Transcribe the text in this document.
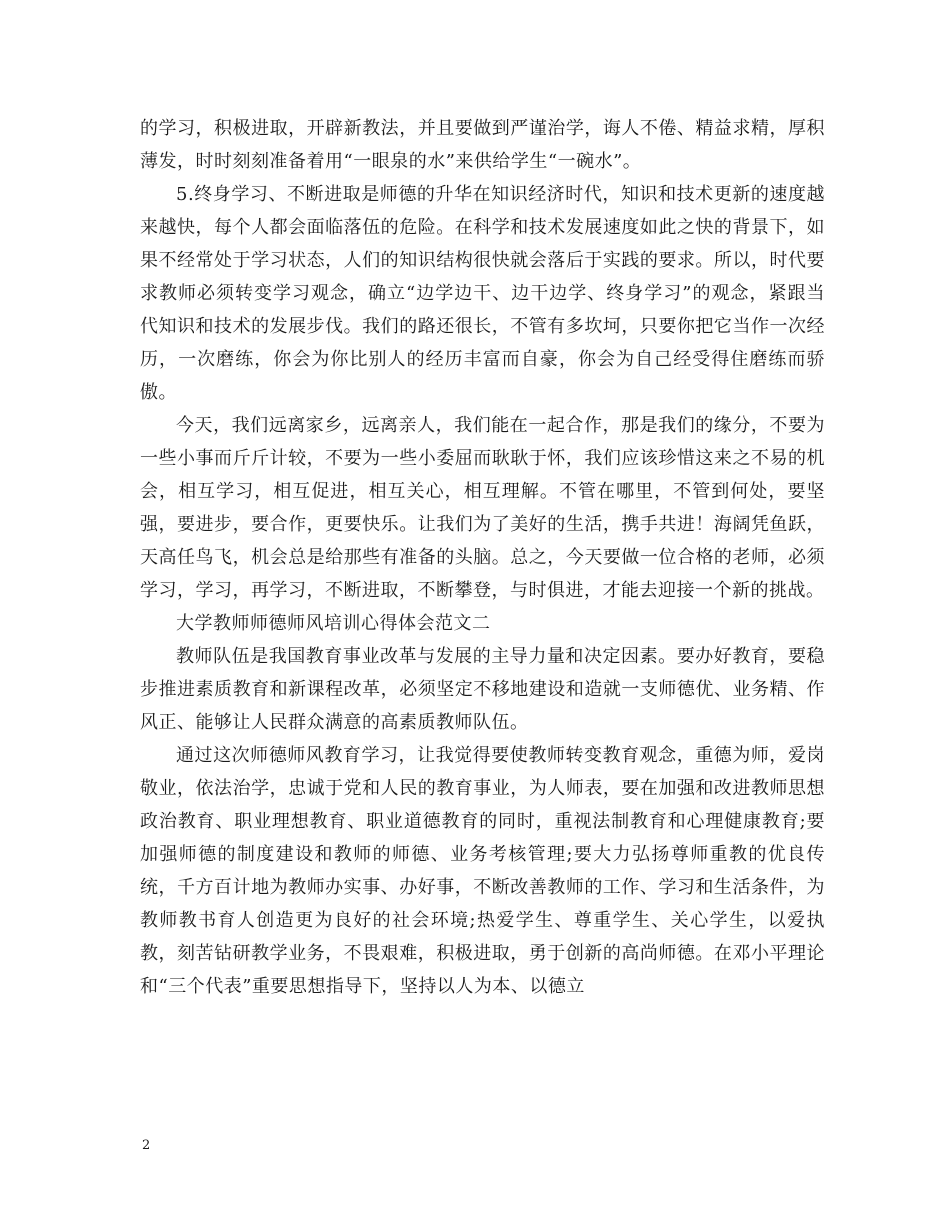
的学习，积极进取，开辟新教法，并且要做到严谨治学，诲人不倦、精益求精，厚积薄发，时时刻刻准备着用“一眼泉的水”来供给学生“一碗水”。

5.终身学习、不断进取是师德的升华在知识经济时代，知识和技术更新的速度越来越快，每个人都会面临落伍的危险。在科学和技术发展速度如此之快的背景下，如果不经常处于学习状态，人们的知识结构很快就会落后于实践的要求。所以，时代要求教师必须转变学习观念，确立“边学边干、边干边学、终身学习”的观念，紧跟当代知识和技术的发展步伐。我们的路还很长，不管有多坎坷，只要你把它当作一次经历，一次磨练，你会为你比别人的经历丰富而自豪，你会为自己经受得住磨练而骄傲。

今天，我们远离家乡，远离亲人，我们能在一起合作，那是我们的缘分，不要为一些小事而斤斤计较，不要为一些小委屈而耿耿于怀，我们应该珍惜这来之不易的机会，相互学习，相互促进，相互关心，相互理解。不管在哪里，不管到何处，要坚强，要进步，要合作，更要快乐。让我们为了美好的生活，携手共进！海阔凭鱼跃，天高任鸟飞，机会总是给那些有准备的头脑。总之，今天要做一位合格的老师，必须学习，学习，再学习，不断进取，不断攀登，与时俱进，才能去迎接一个新的挑战。

大学教师师德师风培训心得体会范文二

教师队伍是我国教育事业改革与发展的主导力量和决定因素。要办好教育，要稳步推进素质教育和新课程改革，必须坚定不移地建设和造就一支师德优、业务精、作风正、能够让人民群众满意的高素质教师队伍。

通过这次师德师风教育学习，让我觉得要使教师转变教育观念，重德为师，爱岗敬业，依法治学，忠诚于党和人民的教育事业，为人师表，要在加强和改进教师思想政治教育、职业理想教育、职业道德教育的同时，重视法制教育和心理健康教育;要加强师德的制度建设和教师的师德、业务考核管理;要大力弘扬尊师重教的优良传统，千方百计地为教师办实事、办好事，不断改善教师的工作、学习和生活条件，为教师教书育人创造更为良好的社会环境;热爱学生、尊重学生、关心学生，以爱执教，刻苦钻研教学业务，不畏艰难，积极进取，勇于创新的高尚师德。在邓小平理论和“三个代表”重要思想指导下，坚持以人为本、以德立

2
